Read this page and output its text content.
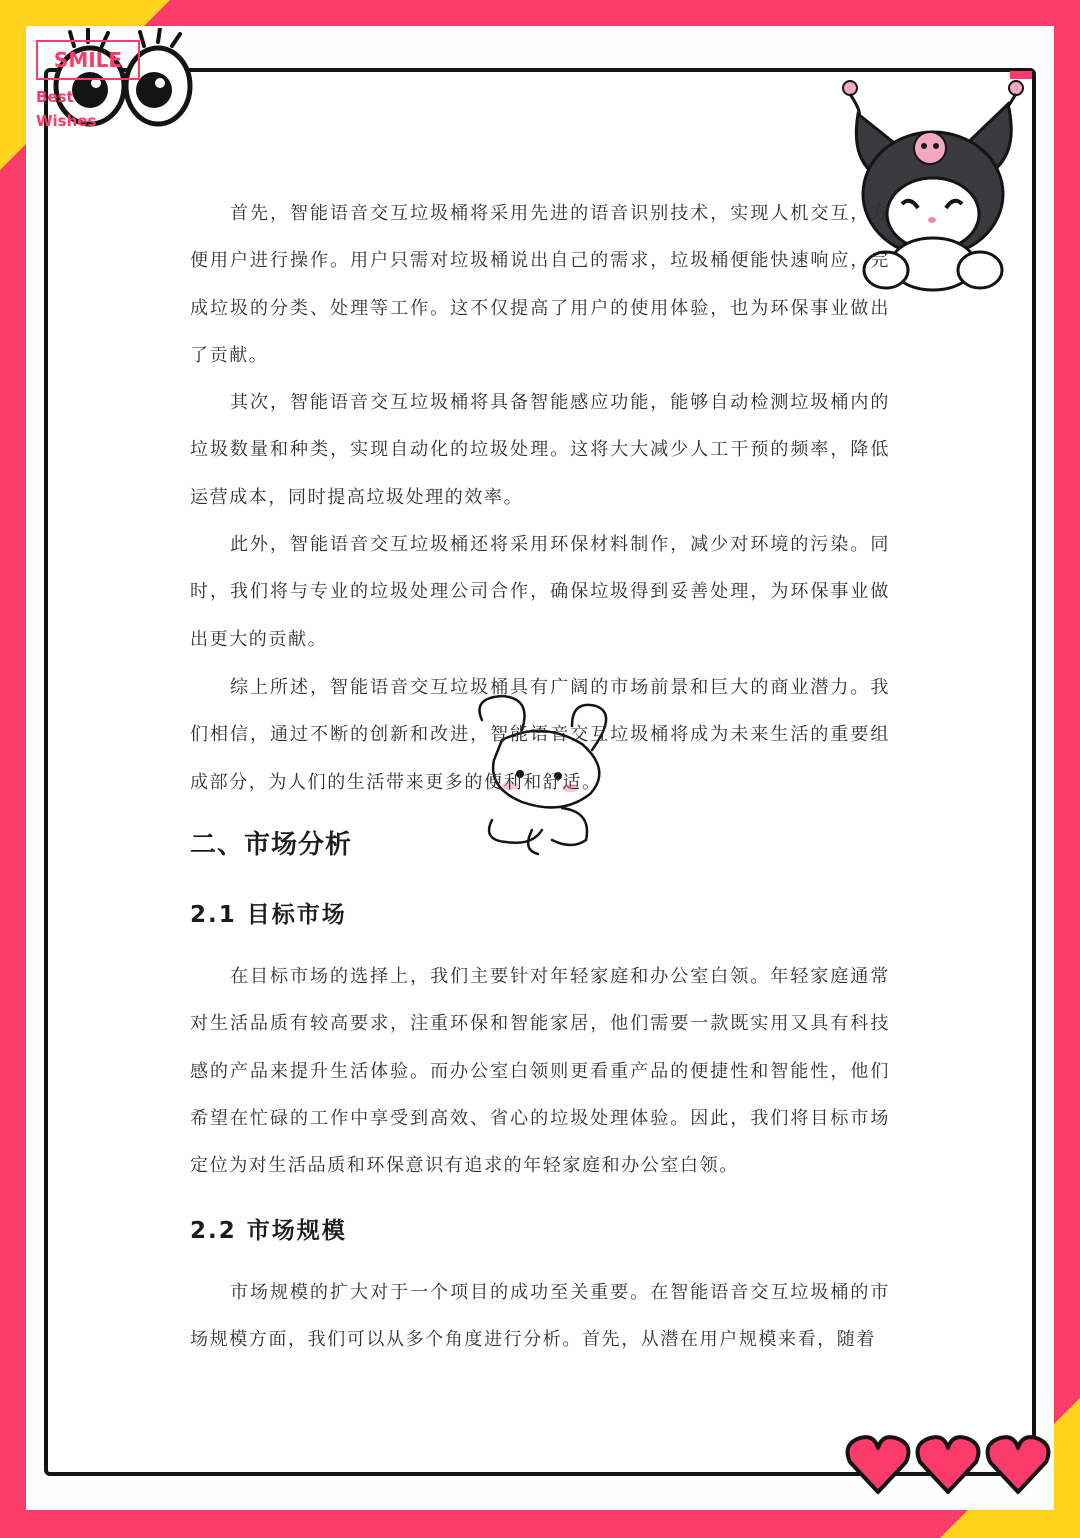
SMILE
Best
Wishes

首先，智能语音交互垃圾桶将采用先进的语音识别技术，实现人机交互，方便用户进行操作。用户只需对垃圾桶说出自己的需求，垃圾桶便能快速响应，完成垃圾的分类、处理等工作。这不仅提高了用户的使用体验，也为环保事业做出了贡献。

其次，智能语音交互垃圾桶将具备智能感应功能，能够自动检测垃圾桶内的垃圾数量和种类，实现自动化的垃圾处理。这将大大减少人工干预的频率，降低运营成本，同时提高垃圾处理的效率。

此外，智能语音交互垃圾桶还将采用环保材料制作，减少对环境的污染。同时，我们将与专业的垃圾处理公司合作，确保垃圾得到妥善处理，为环保事业做出更大的贡献。

综上所述，智能语音交互垃圾桶具有广阔的市场前景和巨大的商业潜力。我们相信，通过不断的创新和改进，智能语音交互垃圾桶将成为未来生活的重要组成部分，为人们的生活带来更多的便利和舒适。

二、市场分析
2.1 目标市场

在目标市场的选择上，我们主要针对年轻家庭和办公室白领。年轻家庭通常对生活品质有较高要求，注重环保和智能家居，他们需要一款既实用又具有科技感的产品来提升生活体验。而办公室白领则更看重产品的便捷性和智能性，他们希望在忙碌的工作中享受到高效、省心的垃圾处理体验。因此，我们将目标市场定位为对生活品质和环保意识有追求的年轻家庭和办公室白领。

2.2 市场规模

市场规模的扩大对于一个项目的成功至关重要。在智能语音交互垃圾桶的市场规模方面，我们可以从多个角度进行分析。首先，从潜在用户规模来看，随着
